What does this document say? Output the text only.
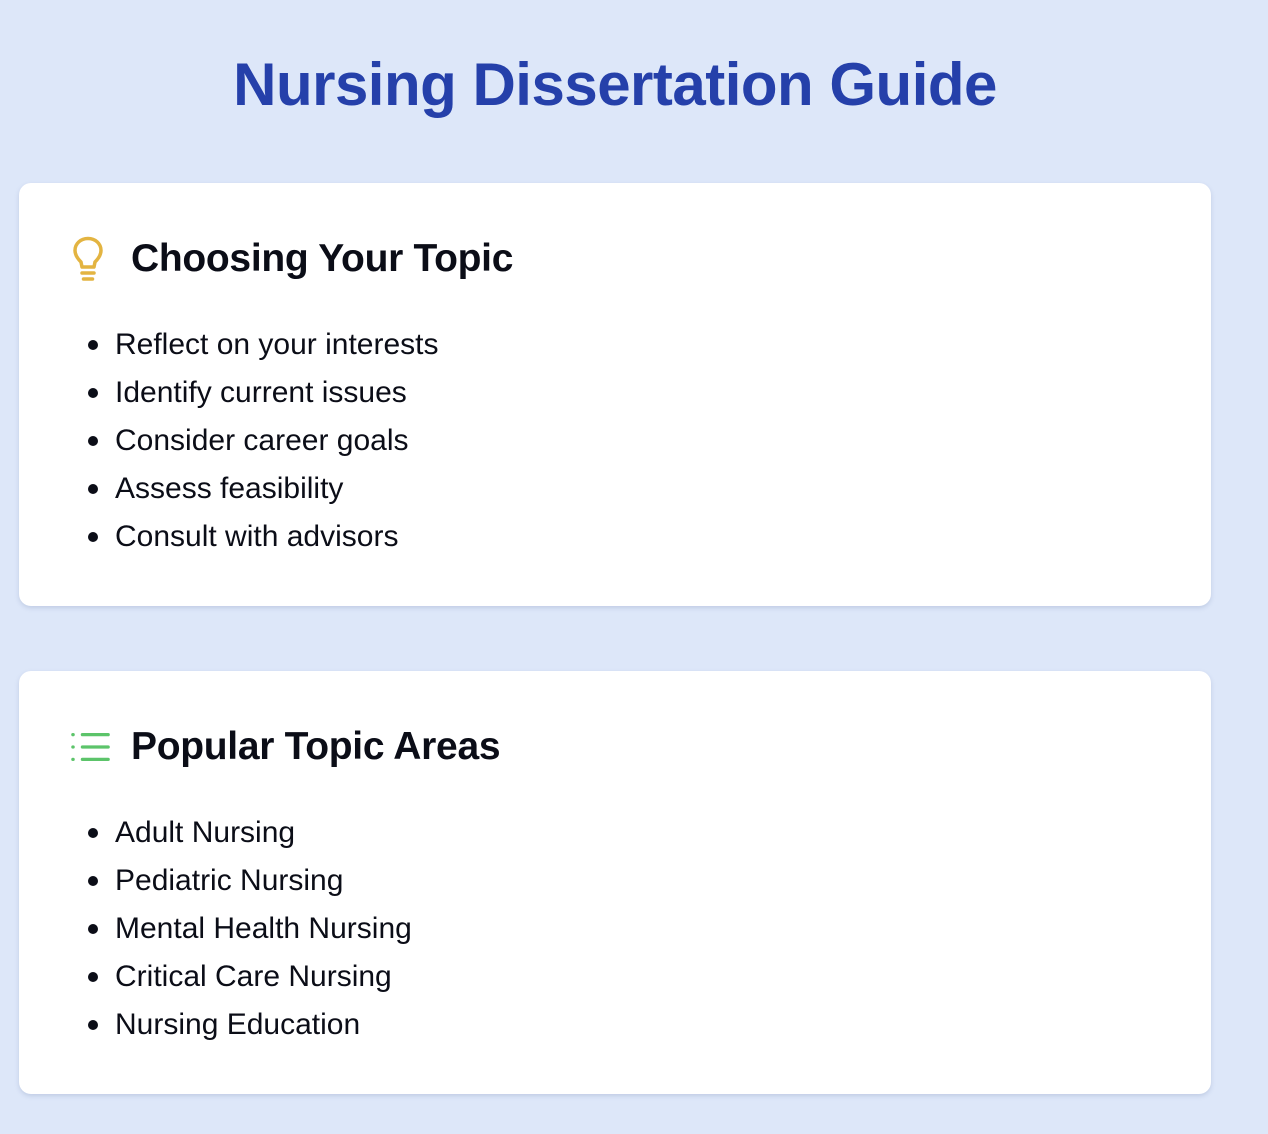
Nursing Dissertation Guide
Choosing Your Topic
Reflect on your interests
Identify current issues
Consider career goals
Assess feasibility
Consult with advisors
Popular Topic Areas
Adult Nursing
Pediatric Nursing
Mental Health Nursing
Critical Care Nursing
Nursing Education
